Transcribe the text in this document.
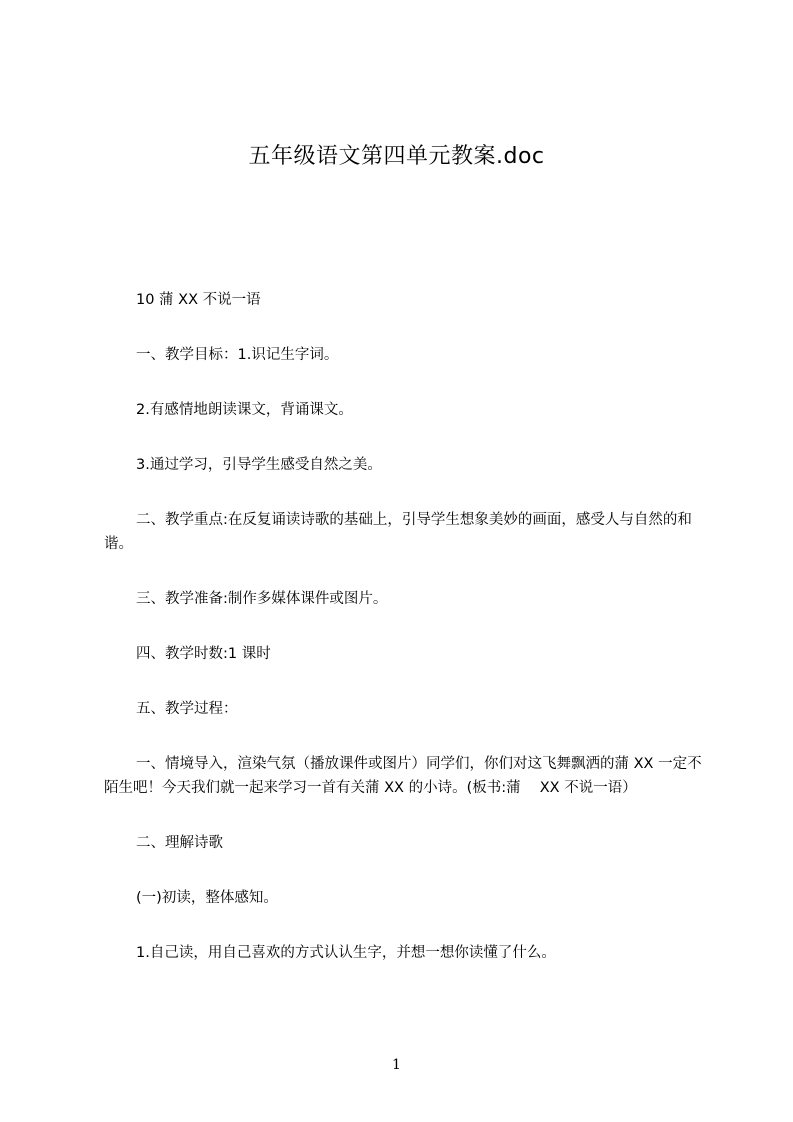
五年级语文第四单元教案.doc

10 蒲 XX 不说一语

一、教学目标：1.识记生字词。

2.有感情地朗读课文，背诵课文。

3.通过学习，引导学生感受自然之美。

二、教学重点:在反复诵读诗歌的基础上，引导学生想象美妙的画面，感受人与自然的和谐。

三、教学准备:制作多媒体课件或图片。

四、教学时数:1 课时

五、教学过程：

一、情境导入，渲染气氛（播放课件或图片）同学们，你们对这飞舞飘洒的蒲 XX 一定不陌生吧！今天我们就一起来学习一首有关蒲 XX 的小诗。(板书:蒲　 XX 不说一语）

二、理解诗歌

(一)初读，整体感知。

1.自己读，用自己喜欢的方式认认生字，并想一想你读懂了什么。

1
